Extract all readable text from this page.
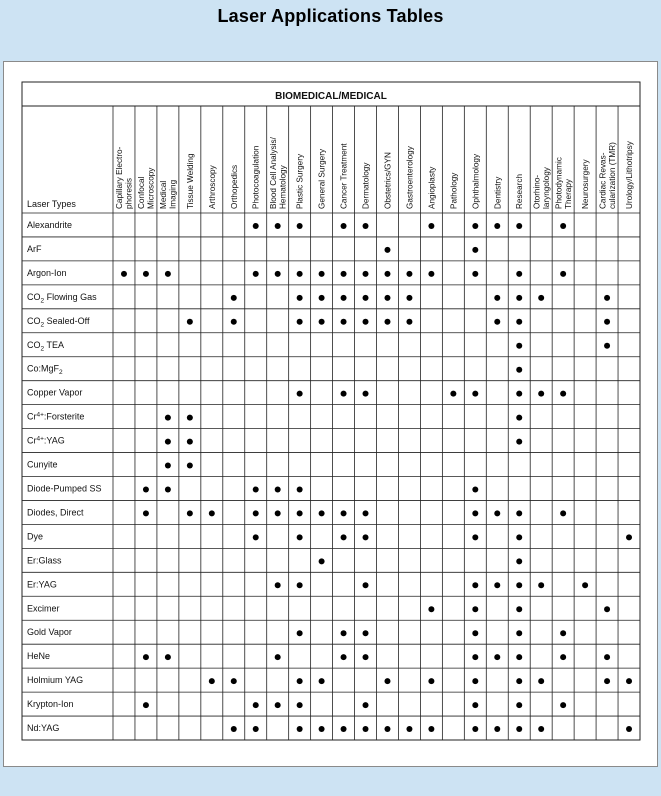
Laser Applications Tables
BIOMEDICAL/MEDICAL
Laser Types	Capillary Electro- phoresis Confocal Microscopy Medical Imaging Tissue Welding Arthroscopy Orthopedics Photocoagulation Blood Cell Analysis/ Hematology Plastic Surgery General Surgery Cancer Treatment Dermatology Obstetrics/GYN Gastroenterology Angioplasty Pathology Ophthalmology Dentistry Research Otorhino- laryngology Photodynamic Therapy Neurosurgery Cardiac Revas- cularization (TMR) Urology/Lithotripsy
Alexandrite
ArF
Argon-Ion
$CO_2$ Flowing Gas
$CO_2$ Sealed-Off
$CO_2$ TEA
Co:MgF$_2$
Copper Vapor
$Cr^{4+}:Forsterite$
$Cr^{4+}:YAG$
Cunyite
Diode-Pumped SS
Diodes, Direct
Dye
Er:Glass
Er:YAG
Excimer
Gold Vapor
HeNe
Holmium YAG
Krypton-Ion
Nd:YAG
